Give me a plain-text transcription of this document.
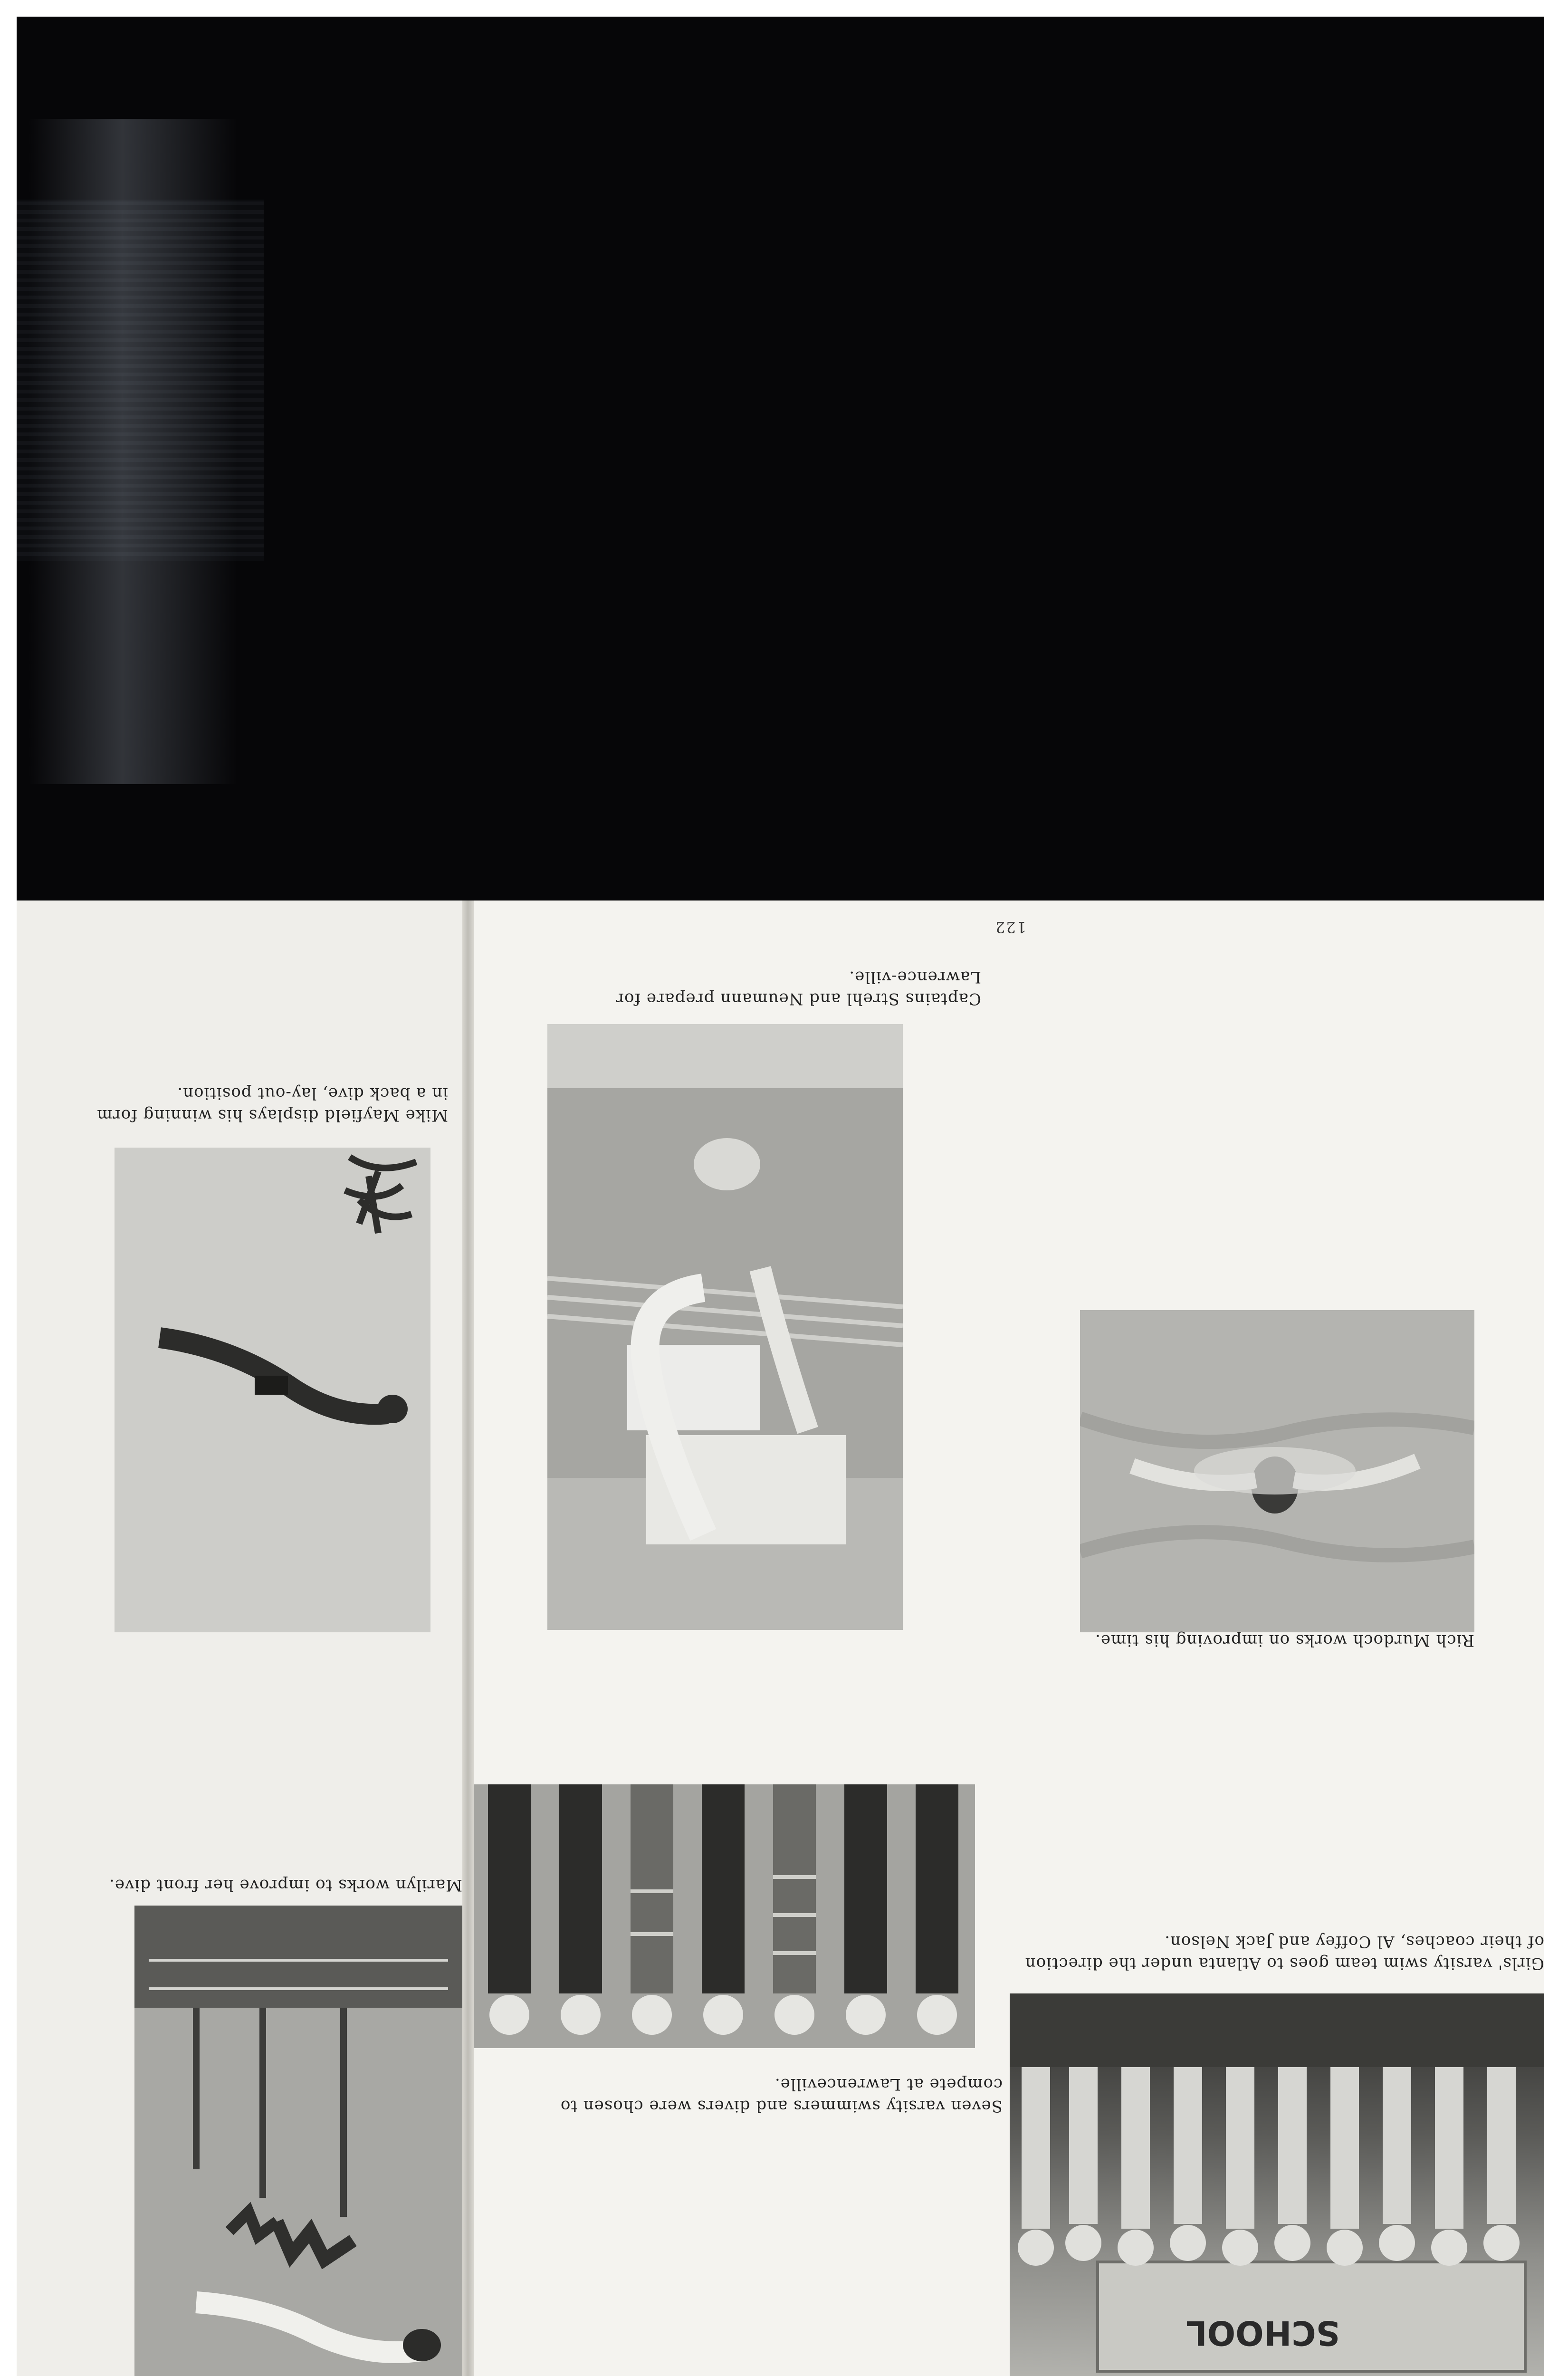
SCHOOL
Girls' varsity swim team goes to Atlanta under the direction of their coaches, Al Coffey and Jack Nelson.
Seven varsity swimmers and divers were chosen to compete at Lawrenceville.
Rich Murdoch works on improving his time.
Captains Strehl and Neumann prepare for Lawrence-ville.
122
Marilyn works to improve her front dive.
Mike Mayfield displays his winning form in a back dive, lay-out position.
